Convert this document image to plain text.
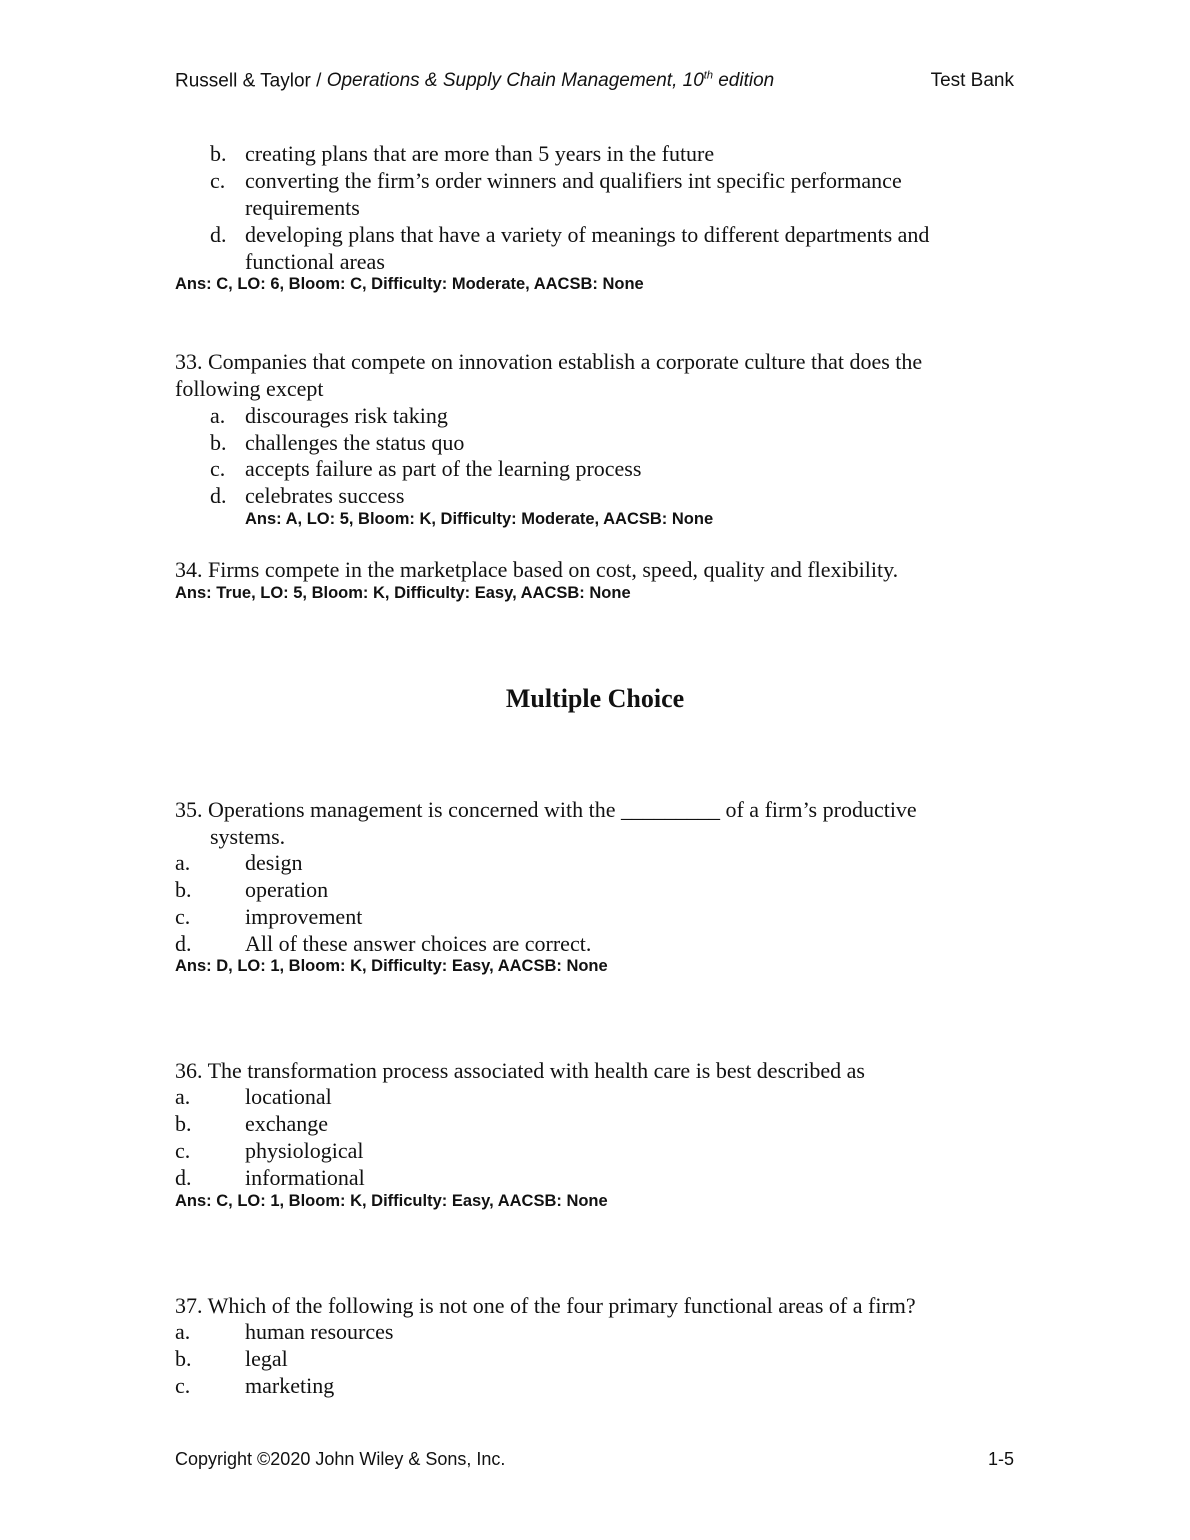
Russell & Taylor / Operations & Supply Chain Management, 10th edition	Test Bank
b. creating plans that are more than 5 years in the future
c. converting the firm’s order winners and qualifiers int specific performance
requirements
d. developing plans that have a variety of meanings to different departments and
functional areas
Ans: C, LO: 6, Bloom: C, Difficulty: Moderate, AACSB: None
33. Companies that compete on innovation establish a corporate culture that does the
following except
a. discourages risk taking
b. challenges the status quo
c. accepts failure as part of the learning process
d. celebrates success
Ans: A, LO: 5, Bloom: K, Difficulty: Moderate, AACSB: None
34. Firms compete in the marketplace based on cost, speed, quality and flexibility.
Ans: True, LO: 5, Bloom: K, Difficulty: Easy, AACSB: None
Multiple Choice
35. Operations management is concerned with the _________ of a firm’s productive
systems.
a. design
b. operation
c. improvement
d. All of these answer choices are correct.
Ans: D, LO: 1, Bloom: K, Difficulty: Easy, AACSB: None
36. The transformation process associated with health care is best described as
a. locational
b. exchange
c. physiological
d. informational
Ans: C, LO: 1, Bloom: K, Difficulty: Easy, AACSB: None
37. Which of the following is not one of the four primary functional areas of a firm?
a. human resources
b. legal
c. marketing
Copyright ©2020 John Wiley & Sons, Inc.	1-5
